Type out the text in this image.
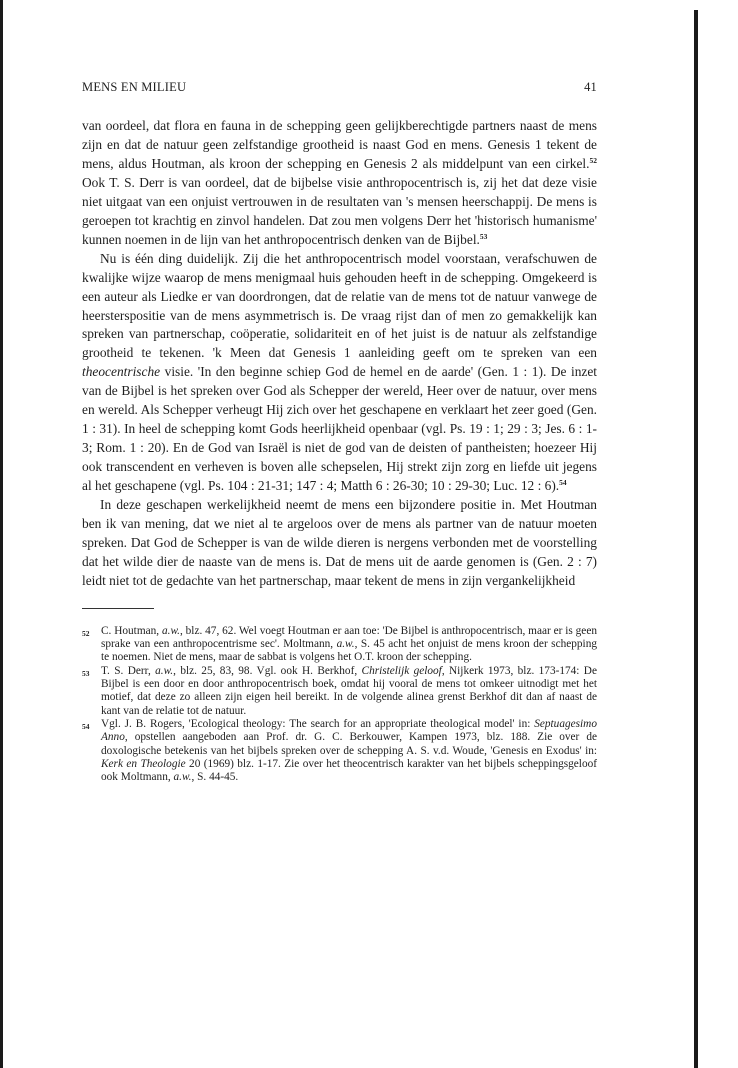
MENS EN MILIEU	41

van oordeel, dat flora en fauna in de schepping geen gelijkberechtigde partners naast de mens zijn en dat de natuur geen zelfstandige grootheid is naast God en mens. Genesis 1 tekent de mens, aldus Houtman, als kroon der schepping en Genesis 2 als middelpunt van een cirkel.$^{52}$ Ook T. S. Derr is van oordeel, dat de bijbelse visie anthropocentrisch is, zij het dat deze visie niet uitgaat van een onjuist vertrouwen in de resultaten van 's mensen heerschappij. De mens is geroepen tot krachtig en zinvol handelen. Dat zou men volgens Derr het 'historisch humanisme' kunnen noemen in de lijn van het anthropocentrisch denken van de Bijbel.$^{53}$

Nu is één ding duidelijk. Zij die het anthropocentrisch model voorstaan, verafschuwen de kwalijke wijze waarop de mens menigmaal huis gehouden heeft in de schepping. Omgekeerd is een auteur als Liedke er van doordrongen, dat de relatie van de mens tot de natuur vanwege de heersterspositie van de mens asymmetrisch is. De vraag rijst dan of men zo gemakkelijk kan spreken van partnerschap, coöperatie, solidariteit en of het juist is de natuur als zelfstandige grootheid te tekenen. 'k Meen dat Genesis 1 aanleiding geeft om te spreken van een theocentrische visie. 'In den beginne schiep God de hemel en de aarde' (Gen. 1 : 1). De inzet van de Bijbel is het spreken over God als Schepper der wereld, Heer over de natuur, over mens en wereld. Als Schepper verheugt Hij zich over het geschapene en verklaart het zeer goed (Gen. 1 : 31). In heel de schepping komt Gods heerlijkheid openbaar (vgl. Ps. 19 : 1; 29 : 3; Jes. 6 : 1-3; Rom. 1 : 20). En de God van Israël is niet de god van de deisten of pantheisten; hoezeer Hij ook transcendent en verheven is boven alle schepselen, Hij strekt zijn zorg en liefde uit jegens al het geschapene (vgl. Ps. 104 : 21-31; 147 : 4; Matth 6 : 26-30; 10 : 29-30; Luc. 12 : 6).$^{54}$

In deze geschapen werkelijkheid neemt de mens een bijzondere positie in. Met Houtman ben ik van mening, dat we niet al te argeloos over de mens als partner van de natuur moeten spreken. Dat God de Schepper is van de wilde dieren is nergens verbonden met de voorstelling dat het wilde dier de naaste van de mens is. Dat de mens uit de aarde genomen is (Gen. 2 : 7) leidt niet tot de gedachte van het partnerschap, maar tekent de mens in zijn vergankelijkheid

52	C. Houtman, a.w., blz. 47, 62. Wel voegt Houtman er aan toe: 'De Bijbel is anthropocentrisch, maar er is geen sprake van een anthropocentrisme sec'. Moltmann, a.w., S. 45 acht het onjuist de mens kroon der schepping te noemen. Niet de mens, maar de sabbat is volgens het O.T. kroon der schepping.
53	T. S. Derr, a.w., blz. 25, 83, 98. Vgl. ook H. Berkhof, Christelijk geloof, Nijkerk 1973, blz. 173-174: De Bijbel is een door en door anthropocentrisch boek, omdat hij vooral de mens tot omkeer uitnodigt met het motief, dat deze zo alleen zijn eigen heil bereikt. In de volgende alinea grenst Berkhof dit dan af naast de kant van de relatie tot de natuur.
54	Vgl. J. B. Rogers, 'Ecological theology: The search for an appropriate theological model' in: Septuagesimo Anno, opstellen aangeboden aan Prof. dr. G. C. Berkouwer, Kampen 1973, blz. 188. Zie over de doxologische betekenis van het bijbels spreken over de schepping A. S. v.d. Woude, 'Genesis en Exodus' in: Kerk en Theologie 20 (1969) blz. 1-17. Zie over het theocentrisch karakter van het bijbels scheppingsgeloof ook Moltmann, a.w., S. 44-45.
